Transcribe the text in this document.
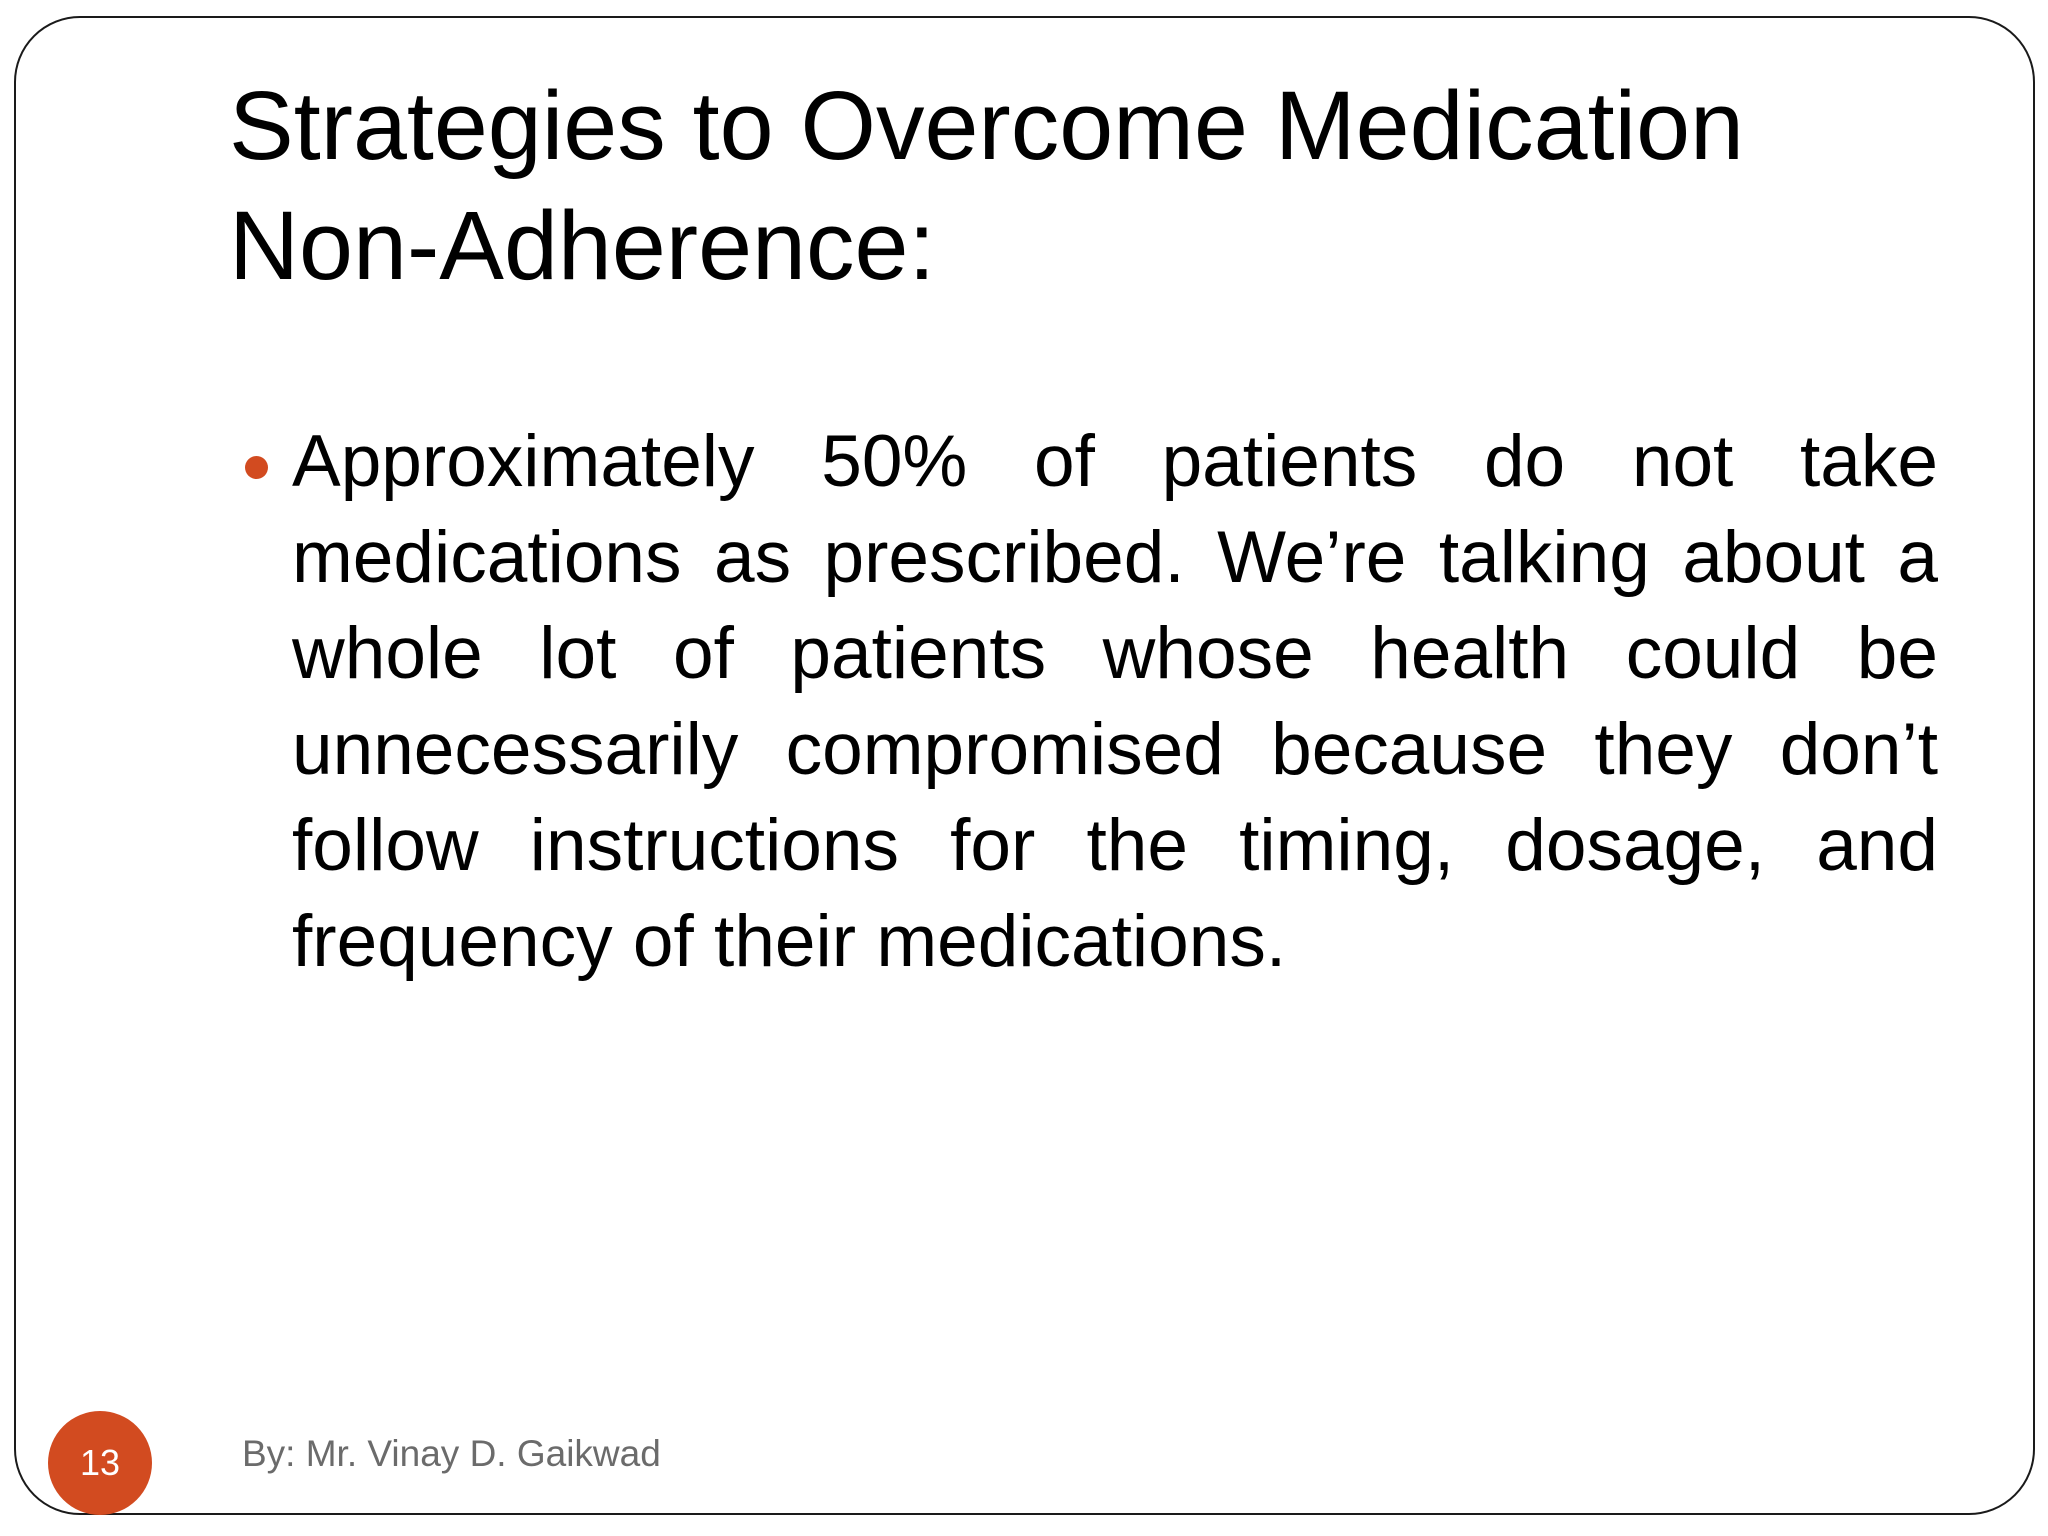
Strategies to Overcome Medication Non-Adherence:
Approximately 50% of patients do not take medications as prescribed. We’re talking about a whole lot of patients whose health could be unnecessarily compromised because they don’t follow instructions for the timing, dosage, and frequency of their medications.
13	By: Mr. Vinay D. Gaikwad
